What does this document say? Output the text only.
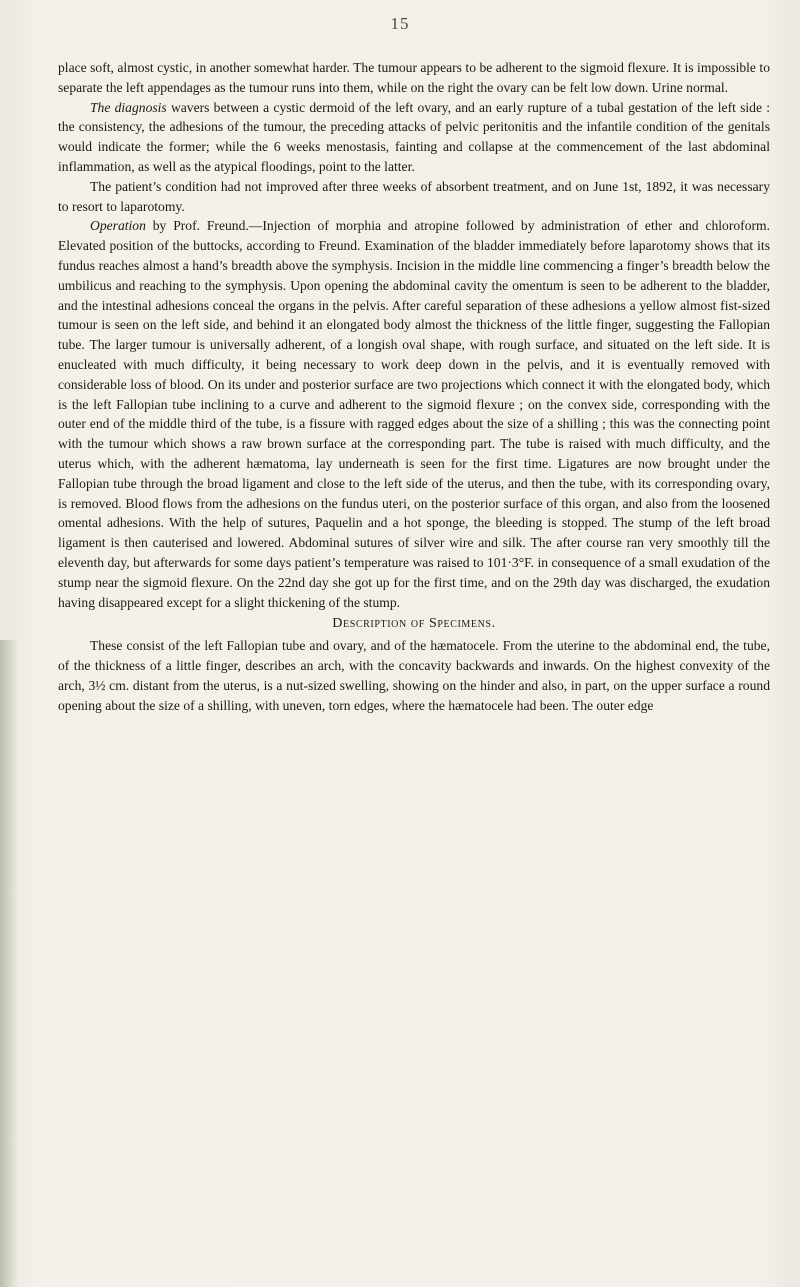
15

place soft, almost cystic, in another somewhat harder. The tumour appears to be adherent to the sigmoid flexure. It is impossible to separate the left appendages as the tumour runs into them, while on the right the ovary can be felt low down. Urine normal.

The diagnosis wavers between a cystic dermoid of the left ovary, and an early rupture of a tubal gestation of the left side : the consistency, the adhesions of the tumour, the preceding attacks of pelvic peritonitis and the infantile condition of the genitals would indicate the former; while the 6 weeks menostasis, fainting and collapse at the commencement of the last abdominal inflammation, as well as the atypical floodings, point to the latter.

The patient’s condition had not improved after three weeks of absorbent treatment, and on June 1st, 1892, it was necessary to resort to laparotomy.

Operation by Prof. Freund.—Injection of morphia and atropine followed by administration of ether and chloroform. Elevated position of the buttocks, according to Freund. Examination of the bladder immediately before laparotomy shows that its fundus reaches almost a hand’s breadth above the symphysis. Incision in the middle line commencing a finger’s breadth below the umbilicus and reaching to the symphysis. Upon opening the abdominal cavity the omentum is seen to be adherent to the bladder, and the intestinal adhesions conceal the organs in the pelvis. After careful separation of these adhesions a yellow almost fist-sized tumour is seen on the left side, and behind it an elongated body almost the thickness of the little finger, suggesting the Fallopian tube. The larger tumour is universally adherent, of a longish oval shape, with rough surface, and situated on the left side. It is enucleated with much difficulty, it being necessary to work deep down in the pelvis, and it is eventually removed with considerable loss of blood. On its under and posterior surface are two projections which connect it with the elongated body, which is the left Fallopian tube inclining to a curve and adherent to the sigmoid flexure ; on the convex side, corresponding with the outer end of the middle third of the tube, is a fissure with ragged edges about the size of a shilling ; this was the connecting point with the tumour which shows a raw brown surface at the corresponding part. The tube is raised with much difficulty, and the uterus which, with the adherent hæmatoma, lay underneath is seen for the first time. Ligatures are now brought under the Fallopian tube through the broad ligament and close to the left side of the uterus, and then the tube, with its corresponding ovary, is removed. Blood flows from the adhesions on the fundus uteri, on the posterior surface of this organ, and also from the loosened omental adhesions. With the help of sutures, Paquelin and a hot sponge, the bleeding is stopped. The stump of the left broad ligament is then cauterised and lowered. Abdominal sutures of silver wire and silk. The after course ran very smoothly till the eleventh day, but afterwards for some days patient’s temperature was raised to 101·3°F. in consequence of a small exudation of the stump near the sigmoid flexure. On the 22nd day she got up for the first time, and on the 29th day was discharged, the exudation having disappeared except for a slight thickening of the stump.

Description of Specimens.

These consist of the left Fallopian tube and ovary, and of the hæmatocele. From the uterine to the abdominal end, the tube, of the thickness of a little finger, describes an arch, with the concavity backwards and inwards. On the highest convexity of the arch, 3½ cm. distant from the uterus, is a nut-sized swelling, showing on the hinder and also, in part, on the upper surface a round opening about the size of a shilling, with uneven, torn edges, where the hæmatocele had been. The outer edge
